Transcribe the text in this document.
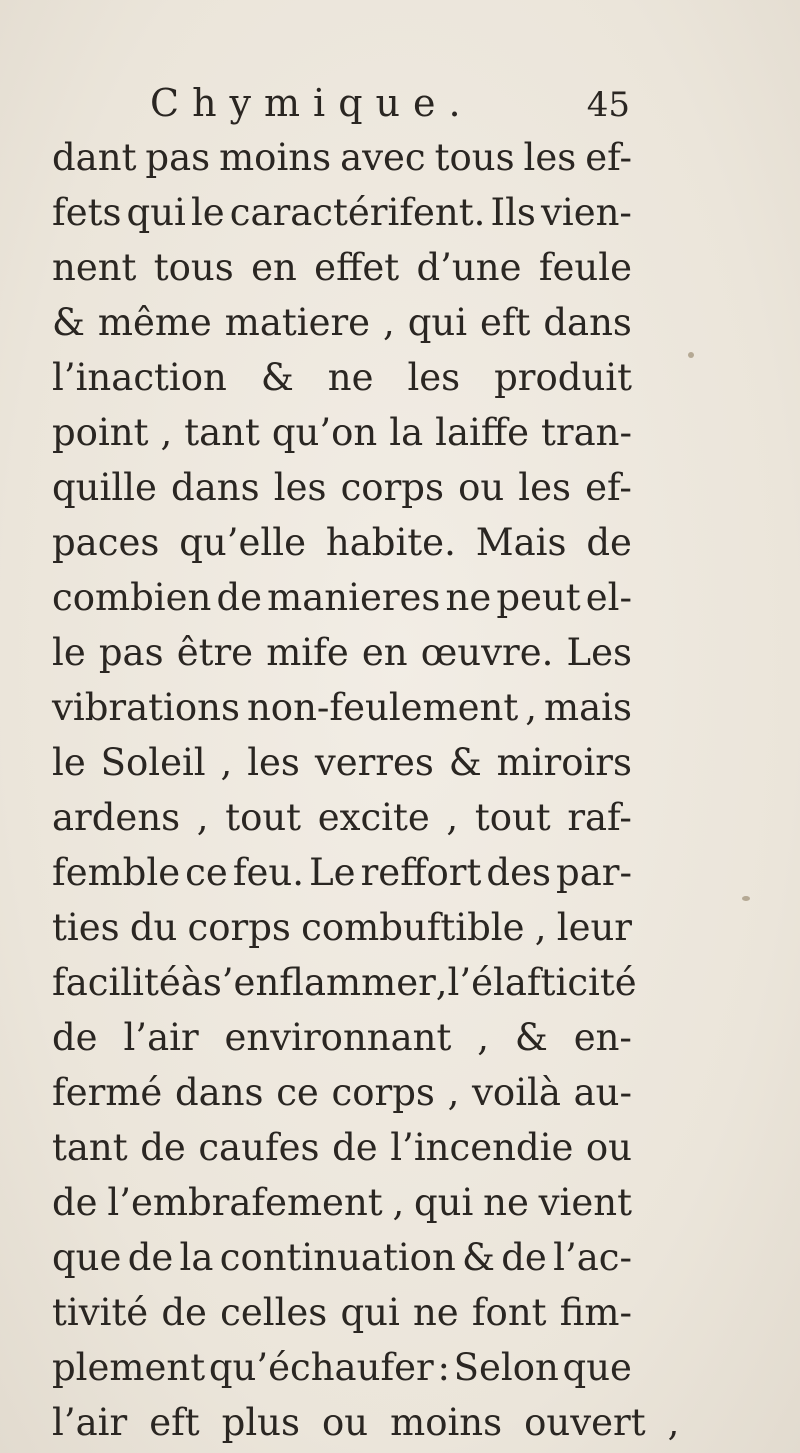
Chymique.	45
dant pas moins avec tous les ef-
fets qui le caractérifent. Ils vien-
nent tous en effet d’une feule
& même matiere , qui eft dans
l’inaction & ne les produit
point , tant qu’on la laiffe tran-
quille dans les corps ou les ef-
paces qu’elle habite. Mais de
combien de manieres ne peut el-
le pas être mife en œuvre. Les
vibrations non-feulement , mais
le Soleil , les verres & miroirs
ardens , tout excite , tout raf-
femble ce feu. Le reffort des par-
ties du corps combuftible , leur
facilité à s’enflammer , l’élafticité
de l’air environnant , & en-
fermé dans ce corps , voilà au-
tant de caufes de l’incendie ou
de l’embrafement , qui ne vient
que de la continuation & de l’ac-
tivité de celles qui ne font fim-
plement qu’échaufer : Selon que
l’air eft plus ou moins ouvert ,
